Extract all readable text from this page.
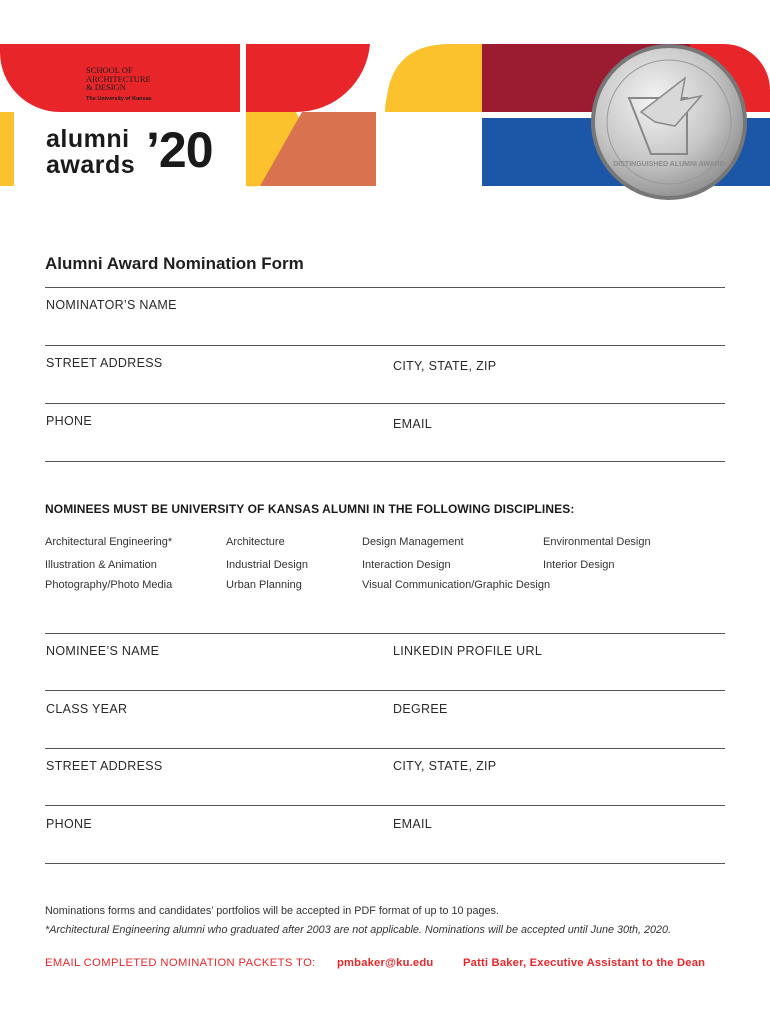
KU SCHOOL OF
ARCHITECTURE
& DESIGN
The University of Kansas
alumni
awards ’20	DISTINGUISHED ALUMNI AWARD
Alumni Award Nomination Form
NOMINATOR’S NAME
STREET ADDRESS	CITY, STATE, ZIP
PHONE	EMAIL
NOMINEES MUST BE UNIVERSITY OF KANSAS ALUMNI IN THE FOLLOWING DISCIPLINES:
Architectural Engineering*	Architecture	Design Management	Environmental Design
Illustration & Animation	Industrial Design	Interaction Design	Interior Design
Photography/Photo Media	Urban Planning	Visual Communication/Graphic Design
NOMINEE’S NAME	LINKEDIN PROFILE URL
CLASS YEAR	DEGREE
STREET ADDRESS	CITY, STATE, ZIP
PHONE	EMAIL
Nominations forms and candidates’ portfolios will be accepted in PDF format of up to 10 pages.
*Architectural Engineering alumni who graduated after 2003 are not applicable. Nominations will be accepted until June 30th, 2020.
EMAIL COMPLETED NOMINATION PACKETS TO: pmbaker@ku.edu	Patti Baker, Executive Assistant to the Dean
